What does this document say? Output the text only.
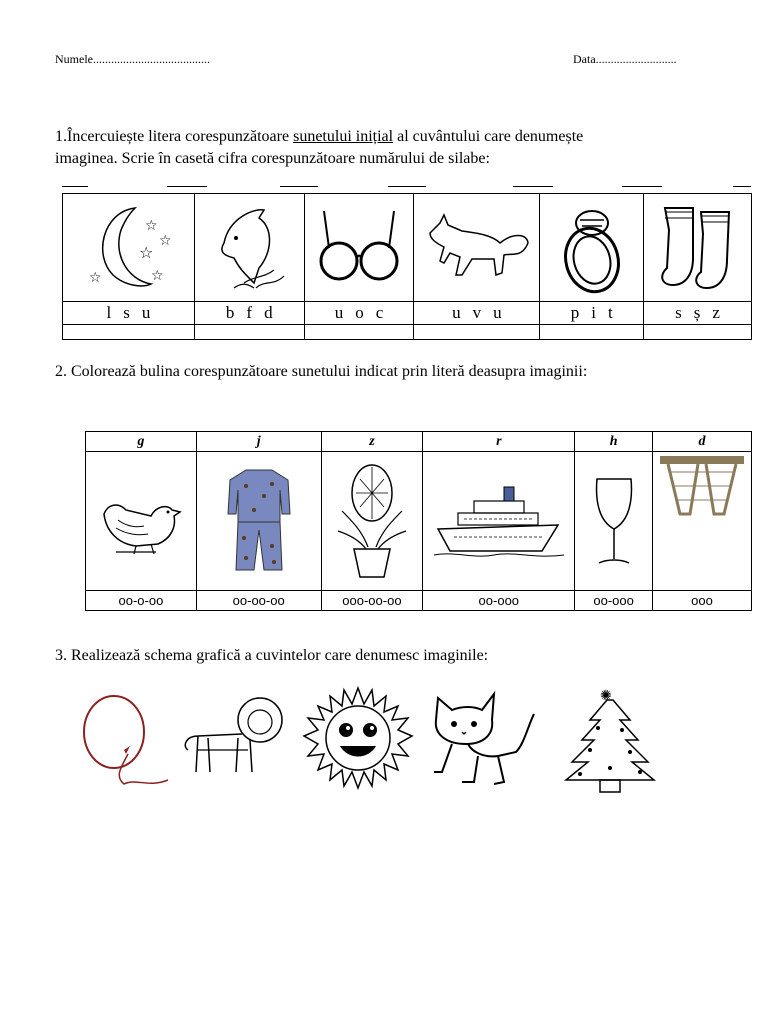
Numele.......................................	Data...........................
1.Încercuiește litera corespunzătoare sunetului inițial al cuvântului care denumește
imaginea. Scrie în casetă cifra corespunzătoare numărului de silabe:
☆
☆
☆
☆
☆

l s u	b f d	u o c	u v u	p i t	s ș z

2. Colorează bulina corespunzătoare sunetului indicat prin literă deasupra imaginii:
g	j	z	r	h	d

oo-o-oo	oo-oo-oo	ooo-oo-oo	oo-ooo	oo-ooo	ooo
3. Realizează schema grafică a cuvintelor care denumesc imaginile:
✺
